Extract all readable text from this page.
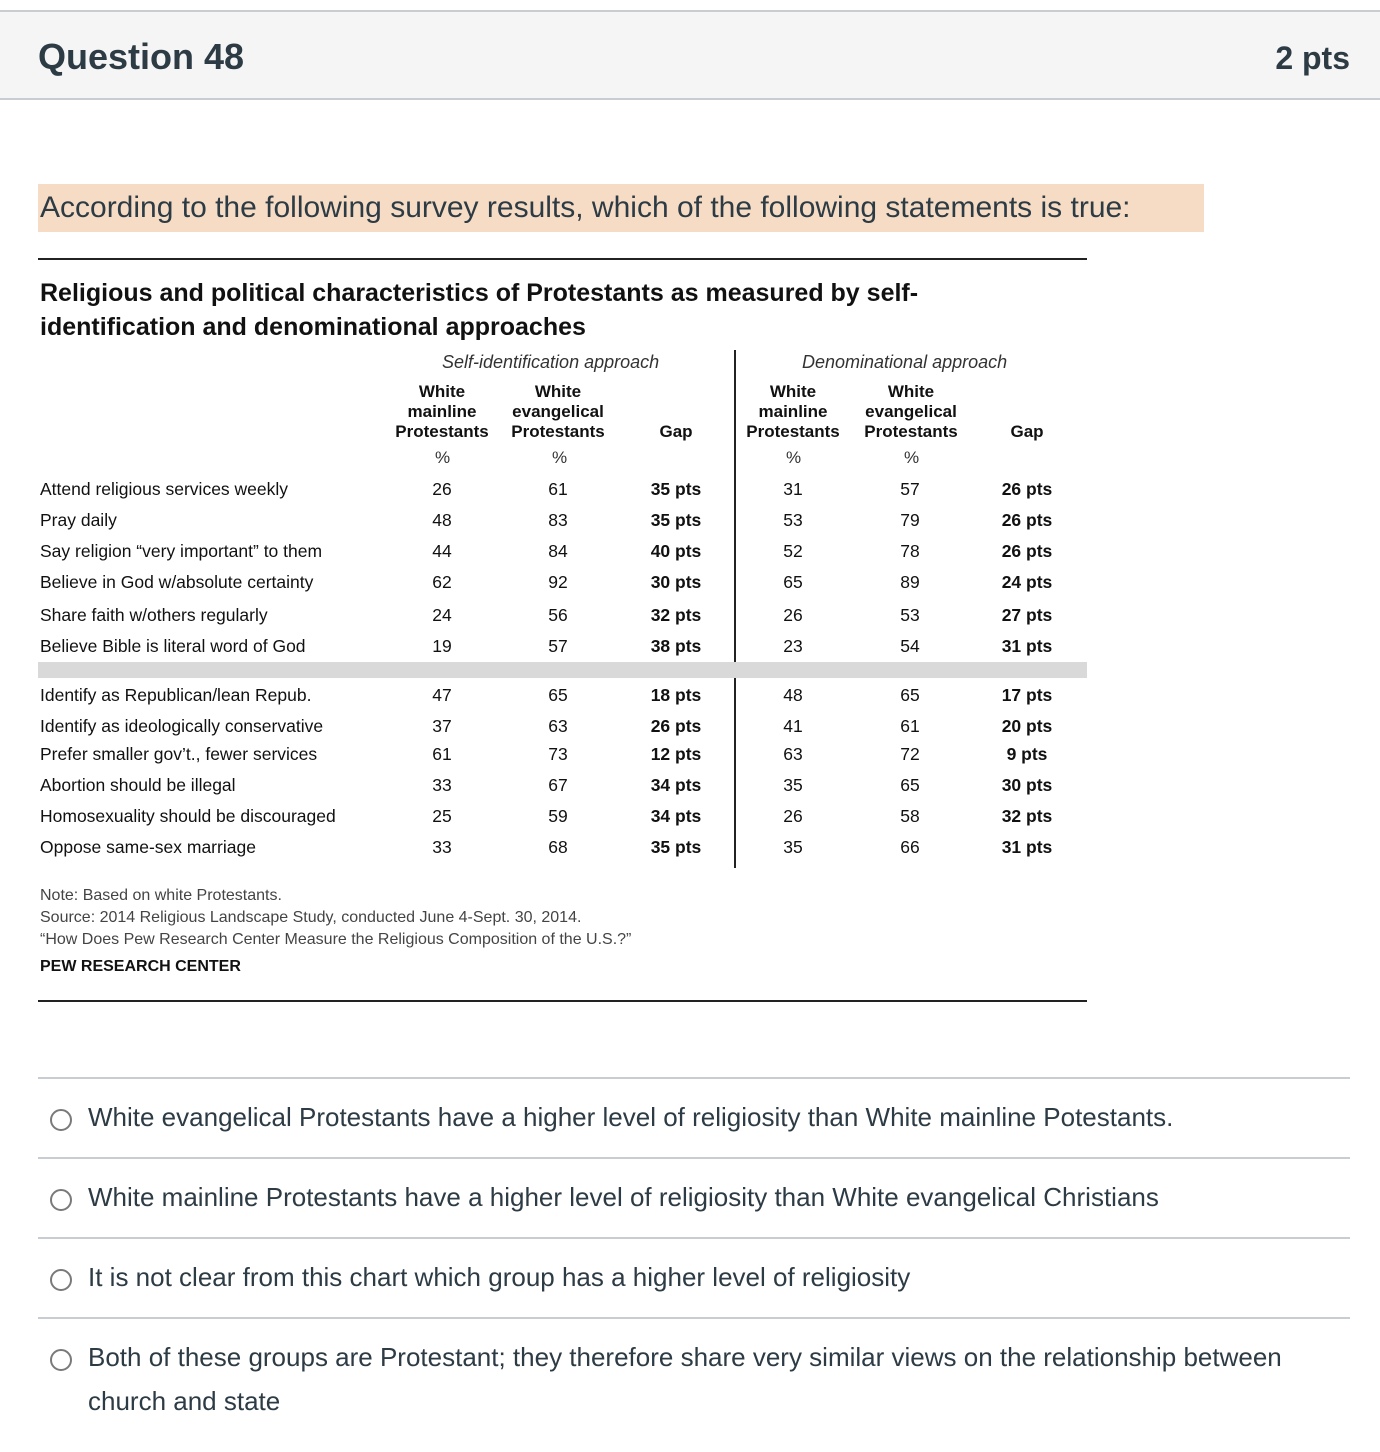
Question 48	2 pts
According to the following survey results, which of the following statements is true:
Religious and political characteristics of Protestants as measured by self-
identification and denominational approaches
Self-identification approach	Denominational approach
White
mainline
Protestants
White
evangelical
Protestants	Gap
White
mainline
Protestants
White
evangelical
Protestants	Gap
%	%	%	%
Attend religious services weekly	26	61	35 pts	31	57	26 pts
Pray daily	48	83	35 pts	53	79	26 pts
Say religion “very important” to them	44	84	40 pts	52	78	26 pts
Believe in God w/absolute certainty	62	92	30 pts	65	89	24 pts
Share faith w/others regularly	24	56	32 pts	26	53	27 pts
Believe Bible is literal word of God	19	57	38 pts	23	54	31 pts
Identify as Republican/lean Repub.	47	65	18 pts	48	65	17 pts
Identify as ideologically conservative	37	63	26 pts	41	61	20 pts
Prefer smaller gov’t., fewer services	61	73	12 pts	63	72	9 pts
Abortion should be illegal	33	67	34 pts	35	65	30 pts
Homosexuality should be discouraged	25	59	34 pts	26	58	32 pts
Oppose same-sex marriage	33	68	35 pts	35	66	31 pts
Note: Based on white Protestants.
Source: 2014 Religious Landscape Study, conducted June 4-Sept. 30, 2014.
“How Does Pew Research Center Measure the Religious Composition of the U.S.?”
PEW RESEARCH CENTER
White evangelical Protestants have a higher level of religiosity than White mainline Potestants.
White mainline Protestants have a higher level of religiosity than White evangelical Christians
It is not clear from this chart which group has a higher level of religiosity
Both of these groups are Protestant; they therefore share very similar views on the relationship between church and state
